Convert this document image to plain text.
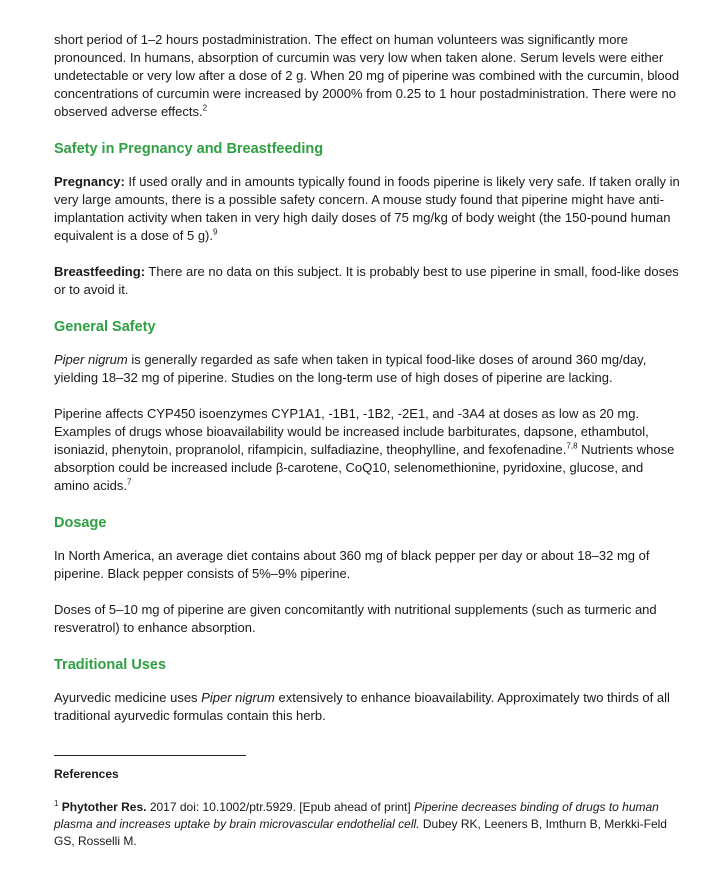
short period of 1–2 hours postadministration. The effect on human volunteers was significantly more pronounced. In humans, absorption of curcumin was very low when taken alone. Serum levels were either undetectable or very low after a dose of 2 g. When 20 mg of piperine was combined with the curcumin, blood concentrations of curcumin were increased by 2000% from 0.25 to 1 hour postadministration. There were no observed adverse effects.$^2$

Safety in Pregnancy and Breastfeeding

Pregnancy: If used orally and in amounts typically found in foods piperine is likely very safe. If taken orally in very large amounts, there is a possible safety concern. A mouse study found that piperine might have anti-implantation activity when taken in very high daily doses of 75 mg/kg of body weight (the 150-pound human equivalent is a dose of 5 g).$^9$

Breastfeeding: There are no data on this subject. It is probably best to use piperine in small, food-like doses or to avoid it.

General Safety

Piper nigrum is generally regarded as safe when taken in typical food-like doses of around 360 mg/day, yielding 18–32 mg of piperine. Studies on the long-term use of high doses of piperine are lacking.

Piperine affects CYP450 isoenzymes CYP1A1, -1B1, -1B2, -2E1, and -3A4 at doses as low as 20 mg. Examples of drugs whose bioavailability would be increased include barbiturates, dapsone, ethambutol, isoniazid, phenytoin, propranolol, rifampicin, sulfadiazine, theophylline, and fexofenadine.$^{7,8}$ Nutrients whose absorption could be increased include β-carotene, CoQ10, selenomethionine, pyridoxine, glucose, and amino acids.$^7$

Dosage

In North America, an average diet contains about 360 mg of black pepper per day or about 18–32 mg of piperine. Black pepper consists of 5%–9% piperine.

Doses of 5–10 mg of piperine are given concomitantly with nutritional supplements (such as turmeric and resveratrol) to enhance absorption.

Traditional Uses

Ayurvedic medicine uses Piper nigrum extensively to enhance bioavailability. Approximately two thirds of all traditional ayurvedic formulas contain this herb.

References

$^1$ Phytother Res. 2017 doi: 10.1002/ptr.5929. [Epub ahead of print] Piperine decreases binding of drugs to human plasma and increases uptake by brain microvascular endothelial cell. Dubey RK, Leeners B, Imthurn B, Merkki-Feld GS, Rosselli M.
